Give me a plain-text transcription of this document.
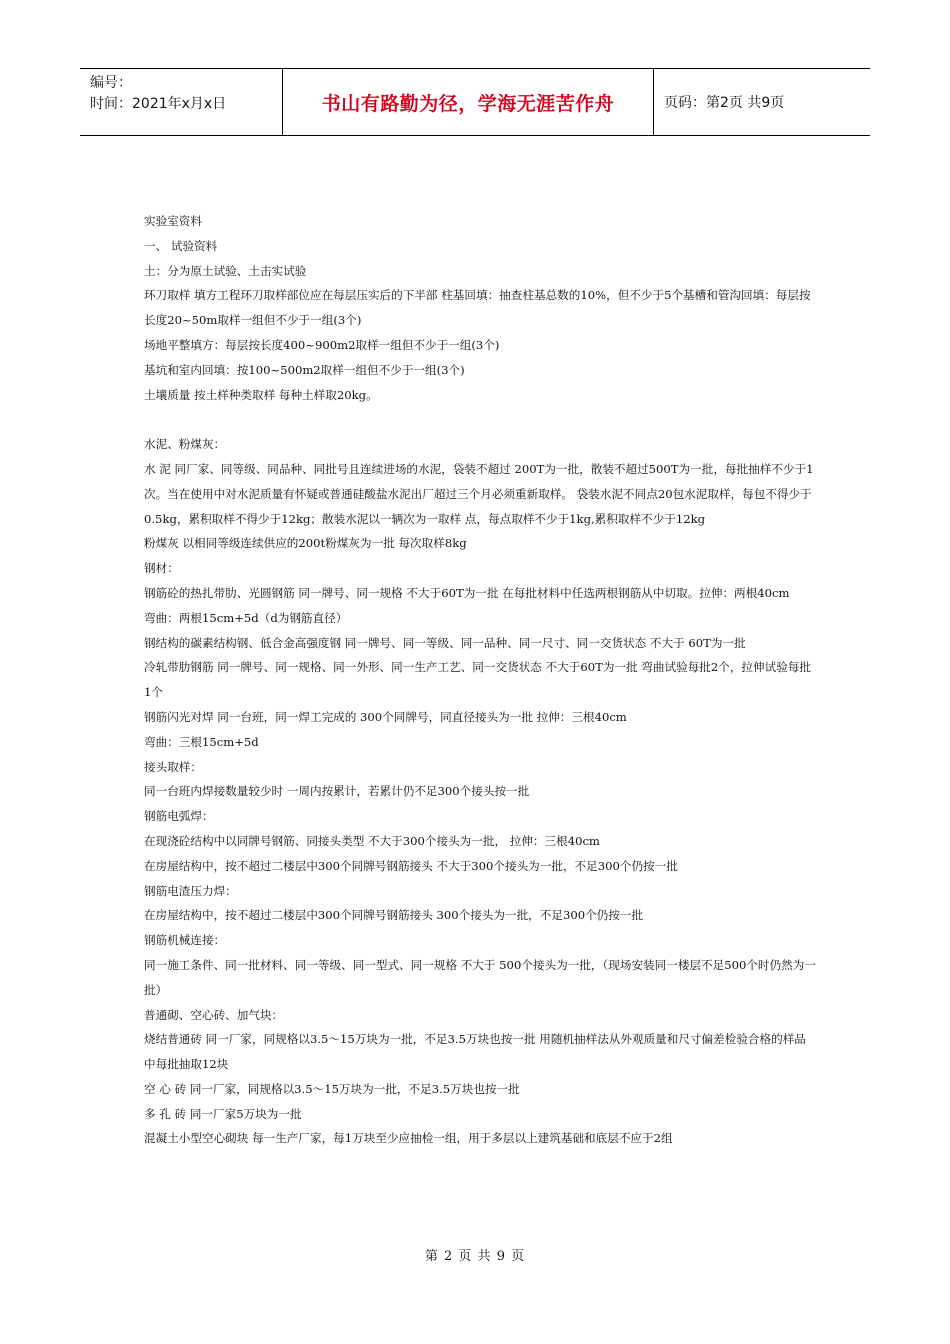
编号：
时间：2021年x月x日	书山有路勤为径，学海无涯苦作舟	页码：第2页 共9页

实验室资料

一、 试验资料

土：分为原土试验、土击实试验

环刀取样 填方工程环刀取样部位应在每层压实后的下半部 柱基回填：抽查柱基总数的10%，但不少于5个基槽和管沟回填：每层按长度20~50m取样一组但不少于一组(3个)

场地平整填方：每层按长度400~900m2取样一组但不少于一组(3个)

基坑和室内回填：按100~500m2取样一组但不少于一组(3个)

土壤质量 按土样种类取样 每种土样取20kg。

水泥、粉煤灰：

水 泥 同厂家、同等级、同品种、同批号且连续进场的水泥，袋装不超过 200T为一批，散装不超过500T为一批，每批抽样不少于1次。当在使用中对水泥质量有怀疑或普通硅酸盐水泥出厂超过三个月必须重新取样。 袋装水泥不同点20包水泥取样，每包不得少于0.5kg，累积取样不得少于12kg；散装水泥以一辆次为一取样 点，每点取样不少于1kg,累积取样不少于12kg

粉煤灰 以相同等级连续供应的200t粉煤灰为一批 每次取样8kg

钢材：

钢筋砼的热扎带肋、光圆钢筋 同一牌号、同一规格 不大于60T为一批 在每批材料中任选两根钢筋从中切取。拉伸：两根40cm

弯曲：两根15cm+5d（d为钢筋直径）

钢结构的碳素结构钢、低合金高强度钢 同一牌号、同一等级、同一品种、同一尺寸、同一交货状态 不大于 60T为一批

冷轧带肋钢筋 同一牌号、同一规格、同一外形、同一生产工艺、同一交货状态 不大于60T为一批 弯曲试验每批2个，拉伸试验每批1个

钢筋闪光对焊 同一台班，同一焊工完成的 300个同牌号，同直径接头为一批 拉伸：三根40cm

弯曲：三根15cm+5d

接头取样：

同一台班内焊接数量较少时 一周内按累计，若累计仍不足300个接头按一批

钢筋电弧焊：

在现浇砼结构中以同牌号钢筋、同接头类型 不大于300个接头为一批， 拉伸：三根40cm

在房屋结构中，按不超过二楼层中300个同牌号钢筋接头 不大于300个接头为一批，不足300个仍按一批

钢筋电渣压力焊：

在房屋结构中，按不超过二楼层中300个同牌号钢筋接头 300个接头为一批，不足300个仍按一批

钢筋机械连接：

同一施工条件、同一批材料、同一等级、同一型式、同一规格 不大于 500个接头为一批，（现场安装同一楼层不足500个时仍然为一批）

普通砌、空心砖、加气块：

烧结普通砖 同一厂家，同规格以3.5～15万块为一批，不足3.5万块也按一批 用随机抽样法从外观质量和尺寸偏差检验合格的样品中每批抽取12块

空 心 砖 同一厂家，同规格以3.5～15万块为一批，不足3.5万块也按一批

多 孔 砖 同一厂家5万块为一批

混凝土小型空心砌块 每一生产厂家，每1万块至少应抽检一组，用于多层以上建筑基础和底层不应于2组

第 2 页 共 9 页
